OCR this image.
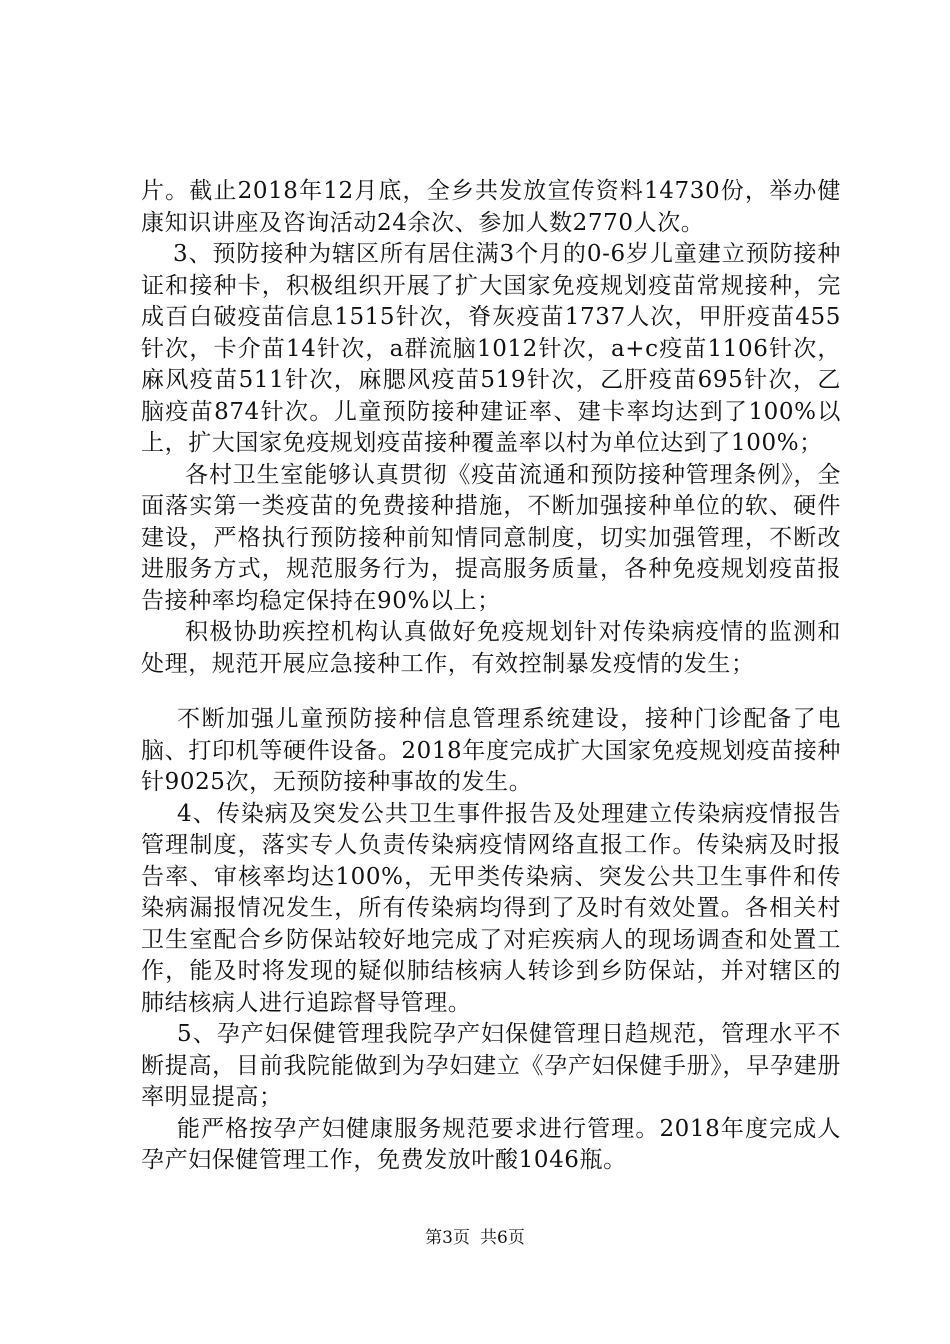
片。截止2018年12月底，全乡共发放宣传资料14730份，举办健康知识讲座及咨询活动24余次、参加人数2770人次。

3、预防接种为辖区所有居住满3个月的0-6岁儿童建立预防接种证和接种卡，积极组织开展了扩大国家免疫规划疫苗常规接种，完成百白破疫苗信息1515针次，脊灰疫苗1737人次，甲肝疫苗455针次，卡介苗14针次，a群流脑1012针次，a+c疫苗1106针次，麻风疫苗511针次，麻腮风疫苗519针次，乙肝疫苗695针次，乙脑疫苗874针次。儿童预防接种建证率、建卡率均达到了100%以上，扩大国家免疫规划疫苗接种覆盖率以村为单位达到了100%；

各村卫生室能够认真贯彻《疫苗流通和预防接种管理条例》，全面落实第一类疫苗的免费接种措施，不断加强接种单位的软、硬件建设，严格执行预防接种前知情同意制度，切实加强管理，不断改进服务方式，规范服务行为，提高服务质量，各种免疫规划疫苗报告接种率均稳定保持在90%以上；

积极协助疾控机构认真做好免疫规划针对传染病疫情的监测和处理，规范开展应急接种工作，有效控制暴发疫情的发生；

不断加强儿童预防接种信息管理系统建设，接种门诊配备了电脑、打印机等硬件设备。2018年度完成扩大国家免疫规划疫苗接种针9025次，无预防接种事故的发生。

4、传染病及突发公共卫生事件报告及处理建立传染病疫情报告管理制度，落实专人负责传染病疫情网络直报工作。传染病及时报告率、审核率均达100%，无甲类传染病、突发公共卫生事件和传染病漏报情况发生，所有传染病均得到了及时有效处置。各相关村卫生室配合乡防保站较好地完成了对疟疾病人的现场调查和处置工作，能及时将发现的疑似肺结核病人转诊到乡防保站，并对辖区的肺结核病人进行追踪督导管理。

5、孕产妇保健管理我院孕产妇保健管理日趋规范，管理水平不断提高，目前我院能做到为孕妇建立《孕产妇保健手册》，早孕建册率明显提高；

能严格按孕产妇健康服务规范要求进行管理。2018年度完成人孕产妇保健管理工作，免费发放叶酸1046瓶。

第3页 共6页
